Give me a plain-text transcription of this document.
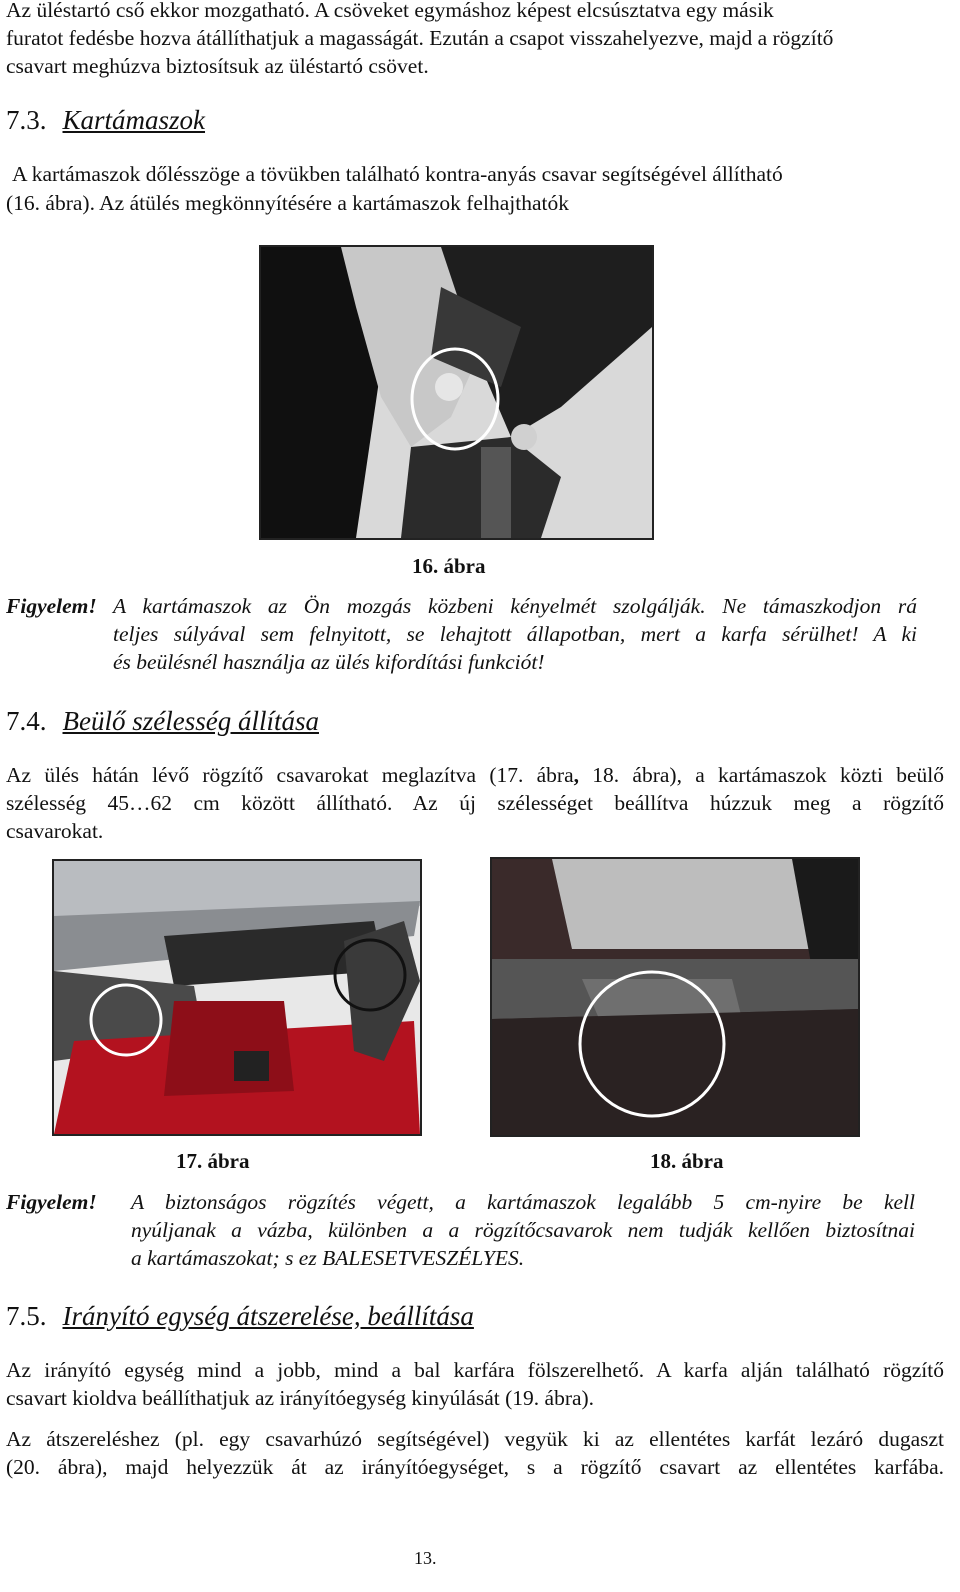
Az üléstartó cső ekkor mozgatható. A csöveket egymáshoz képest elcsúsztatva egy másik
furatot fedésbe hozva átállíthatjuk a magasságát. Ezután a csapot visszahelyezve, majd a rögzítő
csavart meghúzva biztosítsuk az üléstartó csövet.
7.3. Kartámaszok
A kartámaszok dőlésszöge a tövükben található kontra-anyás csavar segítségével állítható
(16. ábra). Az átülés megkönnyítésére a kartámaszok felhajthatók
16. ábra
Figyelem! A kartámaszok az Ön mozgás közbeni kényelmét szolgálják. Ne támaszkodjon rá
teljes súlyával sem felnyitott, se lehajtott állapotban, mert a karfa sérülhet! A ki
és beülésnél használja az ülés kifordítási funkciót!
7.4. Beülő szélesség állítása
Az ülés hátán lévő rögzítő csavarokat meglazítva (17. ábra, 18. ábra), a kartámaszok közti beülő
szélesség 45…62 cm között állítható. Az új szélességet beállítva húzzuk meg a rögzítő
csavarokat.
17. ábra	18. ábra
Figyelem! A biztonságos rögzítés végett, a kartámaszok legalább 5 cm-nyire be kell
nyúljanak a vázba, különben a a rögzítőcsavarok nem tudják kellően biztosítnai
a kartámaszokat; s ez BALESETVESZÉLYES.
7.5. Irányító egység átszerelése, beállítása
Az irányító egység mind a jobb, mind a bal karfára fölszerelhető. A karfa alján található rögzítő
csavart kioldva beállíthatjuk az irányítóegység kinyúlását (19. ábra).
Az átszereléshez (pl. egy csavarhúzó segítségével) vegyük ki az ellentétes karfát lezáró dugaszt
(20. ábra), majd helyezzük át az irányítóegységet, s a rögzítő csavart az ellentétes karfába.
13.
